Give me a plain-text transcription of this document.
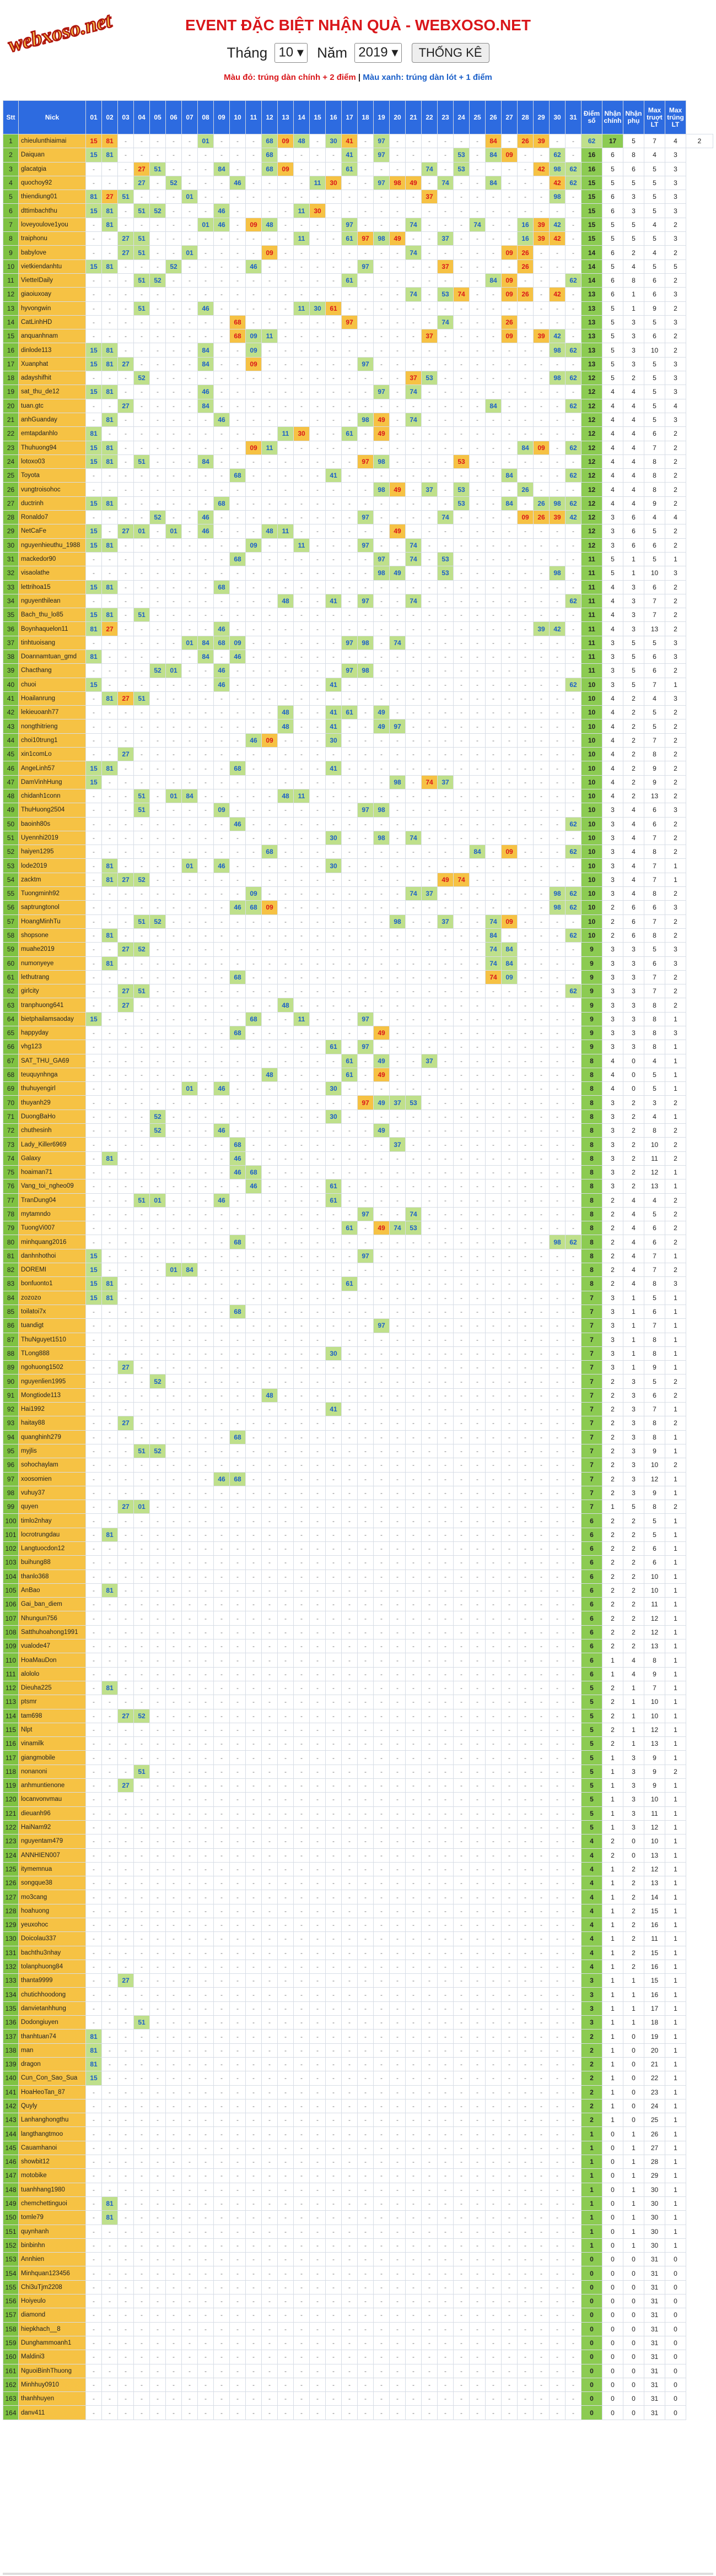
webxoso.net	EVENT ĐẶC BIỆT NHẬN QUÀ - WEBXOSO.NET
Tháng 10 ▾ Năm 2019 ▾ THỐNG KÊ
Màu đỏ: trúng dàn chính + 2 điểm | Màu xanh: trúng dàn lót + 1 điểm
Stt	Nick	01	02	03	04	05	06	07	08	09	10	11	12	13	14	15	16	17	18	19	20	21	22	23	24	25	26	27	28	29	30	31	Điểm số	Nhận chính	Nhận phụ	Max truợt LT	Max trúng LT	
1	chieulunthiaimai	15	81	-	-	-	-	-	01	-	-	-	68	09	48	-	30	41	-	97	-	-	-	-	-	-	84	-	26	39	-	-	62	17	5	7	4	2
2	Daiquan	15	81	-	-	-	-	-	-	-	-	-	68	-	-	-	-	41	-	97	-	-	-	-	53	-	84	09	-	-	62	-	16	6	8	4	3	
3	glacatgia	-	-	-	27	51	-	-	-	84	-	-	68	09	-	-	-	61	-	-	-	-	74	-	53	-	-	-	-	42	98	62	16	5	6	5	3	
4	quochoy92	-	-	-	27	-	52	-	-	-	46	-	-	-	-	11	30	-	-	97	98	49	-	74	-	-	84	-	-	-	42	62	15	5	5	5	3	
5	thiendiung01	81	27	51	-	-	-	01	-	-	-	-	-	-	-	-	-	-	-	-	-	-	37	-	-	-	-	-	-	-	98	-	15	6	3	5	3	
6	dttimbachthu	15	81	-	51	52	-	-	-	46	-	-	-	-	11	30	-	-	-	-	-	-	-	-	-	-	-	-	-	-	-	-	15	6	3	5	3	
7	loveyoulove1you	-	81	-	-	-	-	-	01	46	-	09	48	-	-	-	-	97	-	-	-	74	-	-	-	74	-	-	16	39	42	-	15	5	5	4	2	
8	traiphonu	-	-	27	51	-	-	-	-	-	-	-	-	-	11	-	-	61	97	98	49	-	-	37	-	-	-	-	16	39	42	-	15	5	5	5	3	
9	babylove	-	-	27	51	-	-	01	-	-	-	-	09	-	-	-	-	-	-	-	-	74	-	-	-	-	-	09	26	-	-	-	14	6	2	4	2	
10	vietkiendanhtu	15	81	-	-	-	52	-	-	-	-	46	-	-	-	-	-	-	97	-	-	-	-	37	-	-	-	-	26	-	-	-	14	5	4	5	5	
11	VietteIDaily	-	-	-	51	52	-	-	-	-	-	-	-	-	-	-	-	61	-	-	-	-	-	-	-	-	84	09	-	-	-	62	14	6	8	6	2	
12	giaoiuxoay	-	-	-	-	-	-	-	-	-	-	-	-	-	-	-	-	-	-	-	-	74	-	53	74	-	-	09	26	-	42	-	13	6	1	6	3	
13	hyvongwin	-	-	-	51	-	-	-	46	-	-	-	-	-	11	30	61	-	-	-	-	-	-	-	-	-	-	-	-	-	-	-	13	5	1	9	2	
14	CatLinhHD	-	-	-	-	-	-	-	-	-	68	-	-	-	-	-	-	97	-	-	-	-	-	74	-	-	-	26	-	-	-	-	13	5	3	5	3	
15	anquanhnam	-	-	-	-	-	-	-	-	-	68	09	11	-	-	-	-	-	-	-	-	-	37	-	-	-	-	09	-	39	42	-	13	5	3	6	2	
16	dinlode113	15	81	-	-	-	-	-	84	-	-	09	-	-	-	-	-	-	-	-	-	-	-	-	-	-	-	-	-	-	98	62	13	5	3	10	2	
17	Xuanphat	15	81	27	-	-	-	-	84	-	-	09	-	-	-	-	-	-	97	-	-	-	-	-	-	-	-	-	-	-	-	-	13	5	3	5	3	
18	adayshifhit	-	-	-	52	-	-	-	-	-	-	-	-	-	-	-	-	-	-	-	-	37	53	-	-	-	-	-	-	-	98	62	12	5	2	5	3	
19	sat_thu_de12	15	81	-	-	-	-	-	46	-	-	-	-	-	-	-	-	-	-	97	-	74	-	-	-	-	-	-	-	-	-	-	12	4	4	5	3	
20	tuan.gtc	-	-	27	-	-	-	-	84	-	-	-	-	-	-	-	-	-	-	-	-	-	-	-	-	-	84	-	-	-	-	62	12	4	4	5	4	
21	anhGuanday	-	81	-	-	-	-	-	-	46	-	-	-	-	-	-	-	-	98	49	-	74	-	-	-	-	-	-	-	-	-	-	12	4	4	5	3	
22	emtapdanhlo	81	-	-	-	-	-	-	-	-	-	-	-	11	30	-	-	61	-	49	-	-	-	-	-	-	-	-	-	-	-	-	12	4	4	6	2	
23	Thuhuong94	15	81	-	-	-	-	-	-	-	-	09	11	-	-	-	-	-	-	-	-	-	-	-	-	-	-	-	84	09	-	62	12	4	4	7	2	
24	lotoxo03	15	81	-	51	-	-	-	84	-	-	-	-	-	-	-	-	-	97	98	-	-	-	-	53	-	-	-	-	-	-	-	12	4	4	8	2	
25	Toyota	-	-	-	-	-	-	-	-	-	68	-	-	-	-	-	41	-	-	-	-	-	-	-	-	-	-	84	-	-	-	62	12	4	4	8	2	
26	vungtroisohoc	-	-	-	-	-	-	-	-	-	-	-	-	-	-	-	-	-	-	98	49	-	37	-	53	-	-	-	26	-	-	-	12	4	4	8	2	
27	ductrinh	15	81	-	-	-	-	-	-	68	-	-	-	-	-	-	-	-	-	-	-	-	-	-	53	-	-	84	-	26	98	62	12	4	4	9	2	
28	Ronaldo7	-	-	-	-	52	-	-	46	-	-	-	-	-	-	-	-	-	97	-	-	-	-	74	-	-	-	-	09	26	39	42	12	3	6	4	4	
29	NetCaFe	15	-	27	01	-	01	-	46	-	-	-	48	11	-	-	-	-	-	-	49	-	-	-	-	-	-	-	-	-	-	-	12	3	6	5	2	
30	nguyenhieuthu_1988	15	81	-	-	-	-	-	-	-	-	09	-	-	11	-	-	-	97	-	-	74	-	-	-	-	-	-	-	-	-	-	12	3	6	6	2	
31	mackedor90	-	-	-	-	-	-	-	-	-	68	-	-	-	-	-	-	-	-	97	-	74	-	53	-	-	-	-	-	-	-	-	11	5	1	5	1	
32	visaolathe	-	-	-	-	-	-	-	-	-	-	-	-	-	-	-	-	-	-	98	49	-	-	53	-	-	-	-	-	-	98	-	11	5	1	10	3	
33	lettrihoa15	15	81	-	-	-	-	-	-	68	-	-	-	-	-	-	-	-	-	-	-	-	-	-	-	-	-	-	-	-	-	-	11	4	3	6	2	
34	nguyenthilean	-	-	-	-	-	-	-	-	-	-	-	-	48	-	-	41	-	97	-	-	74	-	-	-	-	-	-	-	-	-	62	11	4	3	7	2	
35	Bach_thu_lo85	15	81	-	51	-	-	-	-	-	-	-	-	-	-	-	-	-	-	-	-	-	-	-	-	-	-	-	-	-	-	-	11	4	3	7	2	
36	Boynhaquelon11	81	27	-	-	-	-	-	-	46	-	-	-	-	-	-	-	-	-	-	-	-	-	-	-	-	-	-	-	39	42	-	11	4	3	13	2	
37	tinhtuoisang	-	-	-	-	-	-	01	84	68	09	-	-	-	-	-	-	97	98	-	74	-	-	-	-	-	-	-	-	-	-	-	11	3	5	5	3	
38	Doannamtuan_gmd	81	-	-	-	-	-	-	84	-	46	-	-	-	-	-	-	-	-	-	-	-	-	-	-	-	-	-	-	-	-	-	11	3	5	6	3	
39	Chacthang	-	-	-	-	52	01	-	-	46	-	-	-	-	-	-	-	97	98	-	-	-	-	-	-	-	-	-	-	-	-	-	11	3	5	6	2	
40	chuoi	15	-	-	-	-	-	-	-	46	-	-	-	-	-	-	41	-	-	-	-	-	-	-	-	-	-	-	-	-	-	62	10	3	5	7	1	
41	Hoailanrung	-	81	27	51	-	-	-	-	-	-	-	-	-	-	-	-	-	-	-	-	-	-	-	-	-	-	-	-	-	-	-	10	4	2	4	3	
42	lekieuoanh77	-	-	-	-	-	-	-	-	-	-	-	-	48	-	-	41	61	-	49	-	-	-	-	-	-	-	-	-	-	-	-	10	4	2	5	2	
43	nongthitrieng	-	-	-	-	-	-	-	-	-	-	-	-	48	-	-	41	-	-	49	97	-	-	-	-	-	-	-	-	-	-	-	10	4	2	5	2	
44	choi10trung1	-	-	-	-	-	-	-	-	-	-	46	09	-	-	-	30	-	-	-	-	-	-	-	-	-	-	-	-	-	-	-	10	4	2	7	2	
45	xin1comLo	-	-	27	-	-	-	-	-	-	-	-	-	-	-	-	-	-	-	-	-	-	-	-	-	-	-	-	-	-	-	-	10	4	2	8	2	
46	AngeLinh57	15	81	-	-	-	-	-	-	-	68	-	-	-	-	-	41	-	-	-	-	-	-	-	-	-	-	-	-	-	-	-	10	4	2	9	2	
47	DamVinhHung	15	-	-	-	-	-	-	-	-	-	-	-	-	-	-	-	-	-	-	98	-	74	37	-	-	-	-	-	-	-	-	10	4	2	9	2	
48	chidanh1conn	-	-	-	51	-	01	84	-	-	-	-	-	48	11	-	-	-	-	-	-	-	-	-	-	-	-	-	-	-	-	-	10	4	2	13	2	
49	ThuHuong2504	-	-	-	51	-	-	-	-	09	-	-	-	-	-	-	-	-	97	98	-	-	-	-	-	-	-	-	-	-	-	-	10	3	4	6	3	
50	baoinh80s	-	-	-	-	-	-	-	-	-	46	-	-	-	-	-	-	-	-	-	-	-	-	-	-	-	-	-	-	-	-	62	10	3	4	6	2	
51	Uyennhi2019	-	-	-	-	-	-	-	-	-	-	-	-	-	-	-	30	-	-	98	-	74	-	-	-	-	-	-	-	-	-	-	10	3	4	7	2	
52	haiyen1295	-	-	-	-	-	-	-	-	-	-	-	68	-	-	-	-	-	-	-	-	-	-	-	-	84	-	09	-	-	-	62	10	3	4	8	2	
53	lode2019	-	81	-	-	-	-	01	-	46	-	-	-	-	-	-	30	-	-	-	-	-	-	-	-	-	-	-	-	-	-	-	10	3	4	7	1	
54	zacktm	-	81	27	52	-	-	-	-	-	-	-	-	-	-	-	-	-	-	-	-	-	-	49	74	-	-	-	-	-	-	-	10	3	4	7	1	
55	Tuongminh92	-	-	-	-	-	-	-	-	-	-	09	-	-	-	-	-	-	-	-	-	74	37	-	-	-	-	-	-	-	98	62	10	3	4	8	2	
56	saptrungtonol	-	-	-	-	-	-	-	-	-	46	68	09	-	-	-	-	-	-	-	-	-	-	-	-	-	-	-	-	-	98	62	10	2	6	6	3	
57	HoangMinhTu	-	-	-	51	52	-	-	-	-	-	-	-	-	-	-	-	-	-	-	98	-	-	37	-	-	74	09	-	-	-	-	10	2	6	7	2	
58	shopsone	-	81	-	-	-	-	-	-	-	-	-	-	-	-	-	-	-	-	-	-	-	-	-	-	-	84	-	-	-	-	62	10	2	6	8	2	
59	muahe2019	-	-	27	52	-	-	-	-	-	-	-	-	-	-	-	-	-	-	-	-	-	-	-	-	-	74	84	-	-	-	-	9	3	3	5	3	
60	numonyeye	-	81	-	-	-	-	-	-	-	-	-	-	-	-	-	-	-	-	-	-	-	-	-	-	-	74	84	-	-	-	-	9	3	3	6	3	
61	lethutrang	-	-	-	-	-	-	-	-	-	68	-	-	-	-	-	-	-	-	-	-	-	-	-	-	-	74	09	-	-	-	-	9	3	3	7	2	
62	girlcity	-	-	27	51	-	-	-	-	-	-	-	-	-	-	-	-	-	-	-	-	-	-	-	-	-	-	-	-	-	-	62	9	3	3	7	2	
63	tranphuong641	-	-	27	-	-	-	-	-	-	-	-	-	48	-	-	-	-	-	-	-	-	-	-	-	-	-	-	-	-	-	-	9	3	3	8	2	
64	bietphailamsaoday	15	-	-	-	-	-	-	-	-	-	68	-	-	11	-	-	-	97	-	-	-	-	-	-	-	-	-	-	-	-	-	9	3	3	8	1	
65	happyday	-	-	-	-	-	-	-	-	-	68	-	-	-	-	-	-	-	-	49	-	-	-	-	-	-	-	-	-	-	-	-	9	3	3	8	3	
66	vhg123	-	-	-	-	-	-	-	-	-	-	-	-	-	-	-	61	-	97	-	-	-	-	-	-	-	-	-	-	-	-	-	9	3	3	8	1	
67	SAT_THU_GA69	-	-	-	-	-	-	-	-	-	-	-	-	-	-	-	-	61	-	49	-	-	37	-	-	-	-	-	-	-	-	-	8	4	0	4	1	
68	teuquynhnga	-	-	-	-	-	-	-	-	-	-	-	48	-	-	-	-	61	-	49	-	-	-	-	-	-	-	-	-	-	-	-	8	4	0	5	1	
69	thuhuyengirl	-	-	-	-	-	-	01	-	46	-	-	-	-	-	-	30	-	-	-	-	-	-	-	-	-	-	-	-	-	-	-	8	4	0	5	1	
70	thuyanh29	-	-	-	-	-	-	-	-	-	-	-	-	-	-	-	-	-	97	49	37	53	-	-	-	-	-	-	-	-	-	-	8	3	2	3	2	
71	DuongBaHo	-	-	-	-	52	-	-	-	-	-	-	-	-	-	-	30	-	-	-	-	-	-	-	-	-	-	-	-	-	-	-	8	3	2	4	1	
72	chuthesinh	-	-	-	-	52	-	-	-	46	-	-	-	-	-	-	-	-	-	49	-	-	-	-	-	-	-	-	-	-	-	-	8	3	2	8	2	
73	Lady_Killer6969	-	-	-	-	-	-	-	-	-	68	-	-	-	-	-	-	-	-	-	37	-	-	-	-	-	-	-	-	-	-	-	8	3	2	10	2	
74	Galaxy	-	81	-	-	-	-	-	-	-	46	-	-	-	-	-	-	-	-	-	-	-	-	-	-	-	-	-	-	-	-	-	8	3	2	11	2	
75	hoaiman71	-	-	-	-	-	-	-	-	-	46	68	-	-	-	-	-	-	-	-	-	-	-	-	-	-	-	-	-	-	-	-	8	3	2	12	1	
76	Vang_toi_ngheo09	-	-	-	-	-	-	-	-	-	-	46	-	-	-	-	61	-	-	-	-	-	-	-	-	-	-	-	-	-	-	-	8	3	2	13	1	
77	TranDung04	-	-	-	51	01	-	-	-	46	-	-	-	-	-	-	61	-	-	-	-	-	-	-	-	-	-	-	-	-	-	-	8	2	4	4	2	
78	mytamndo	-	-	-	-	-	-	-	-	-	-	-	-	-	-	-	-	-	97	-	-	74	-	-	-	-	-	-	-	-	-	-	8	2	4	5	2	
79	TuongVi007	-	-	-	-	-	-	-	-	-	-	-	-	-	-	-	-	61	-	49	74	53	-	-	-	-	-	-	-	-	-	-	8	2	4	6	2	
80	minhquang2016	-	-	-	-	-	-	-	-	-	68	-	-	-	-	-	-	-	-	-	-	-	-	-	-	-	-	-	-	-	98	62	8	2	4	6	2	
81	danhnhothoi	15	-	-	-	-	-	-	-	-	-	-	-	-	-	-	-	-	97	-	-	-	-	-	-	-	-	-	-	-	-	-	8	2	4	7	1	
82	DOREMI	15	-	-	-	-	01	84	-	-	-	-	-	-	-	-	-	-	-	-	-	-	-	-	-	-	-	-	-	-	-	-	8	2	4	7	2	
83	bonfuonto1	15	81	-	-	-	-	-	-	-	-	-	-	-	-	-	-	61	-	-	-	-	-	-	-	-	-	-	-	-	-	-	8	2	4	8	3	
84	zozozo	15	81	-	-	-	-	-	-	-	-	-	-	-	-	-	-	-	-	-	-	-	-	-	-	-	-	-	-	-	-	-	7	3	1	5	1	
85	toilatoi7x	-	-	-	-	-	-	-	-	-	68	-	-	-	-	-	-	-	-	-	-	-	-	-	-	-	-	-	-	-	-	-	7	3	1	6	1	
86	tuandigt	-	-	-	-	-	-	-	-	-	-	-	-	-	-	-	-	-	-	97	-	-	-	-	-	-	-	-	-	-	-	-	7	3	1	7	1	
87	ThuNguyet1510	-	-	-	-	-	-	-	-	-	-	-	-	-	-	-	-	-	-	-	-	-	-	-	-	-	-	-	-	-	-	-	7	3	1	8	1	
88	TLong888	-	-	-	-	-	-	-	-	-	-	-	-	-	-	-	30	-	-	-	-	-	-	-	-	-	-	-	-	-	-	-	7	3	1	8	1	
89	ngohuong1502	-	-	27	-	-	-	-	-	-	-	-	-	-	-	-	-	-	-	-	-	-	-	-	-	-	-	-	-	-	-	-	7	3	1	9	1	
90	nguyenlien1995	-	-	-	-	52	-	-	-	-	-	-	-	-	-	-	-	-	-	-	-	-	-	-	-	-	-	-	-	-	-	-	7	2	3	5	2	
91	Mongtiode113	-	-	-	-	-	-	-	-	-	-	-	48	-	-	-	-	-	-	-	-	-	-	-	-	-	-	-	-	-	-	-	7	2	3	6	2	
92	Hai1992	-	-	-	-	-	-	-	-	-	-	-	-	-	-	-	41	-	-	-	-	-	-	-	-	-	-	-	-	-	-	-	7	2	3	7	1	
93	haitay88	-	-	27	-	-	-	-	-	-	-	-	-	-	-	-	-	-	-	-	-	-	-	-	-	-	-	-	-	-	-	-	7	2	3	8	2	
94	quanghinh279	-	-	-	-	-	-	-	-	-	68	-	-	-	-	-	-	-	-	-	-	-	-	-	-	-	-	-	-	-	-	-	7	2	3	8	1	
95	myjlis	-	-	-	51	52	-	-	-	-	-	-	-	-	-	-	-	-	-	-	-	-	-	-	-	-	-	-	-	-	-	-	7	2	3	9	1	
96	sohochaylam	-	-	-	-	-	-	-	-	-	-	-	-	-	-	-	-	-	-	-	-	-	-	-	-	-	-	-	-	-	-	-	7	2	3	10	2	
97	xoosomien	-	-	-	-	-	-	-	-	46	68	-	-	-	-	-	-	-	-	-	-	-	-	-	-	-	-	-	-	-	-	-	7	2	3	12	1	
98	vuhuy37	-	-	-	-	-	-	-	-	-	-	-	-	-	-	-	-	-	-	-	-	-	-	-	-	-	-	-	-	-	-	-	7	2	3	9	1	
99	quyen	-	-	27	01	-	-	-	-	-	-	-	-	-	-	-	-	-	-	-	-	-	-	-	-	-	-	-	-	-	-	-	7	1	5	8	2	
100	timlo2nhay	-	-	-	-	-	-	-	-	-	-	-	-	-	-	-	-	-	-	-	-	-	-	-	-	-	-	-	-	-	-	-	6	2	2	5	1	
101	locrotrungdau	-	81	-	-	-	-	-	-	-	-	-	-	-	-	-	-	-	-	-	-	-	-	-	-	-	-	-	-	-	-	-	6	2	2	5	1	
102	Langtuocdon12	-	-	-	-	-	-	-	-	-	-	-	-	-	-	-	-	-	-	-	-	-	-	-	-	-	-	-	-	-	-	-	6	2	2	6	1	
103	buihung88	-	-	-	-	-	-	-	-	-	-	-	-	-	-	-	-	-	-	-	-	-	-	-	-	-	-	-	-	-	-	-	6	2	2	6	1	
104	thanlo368	-	-	-	-	-	-	-	-	-	-	-	-	-	-	-	-	-	-	-	-	-	-	-	-	-	-	-	-	-	-	-	6	2	2	10	1	
105	AnBao	-	81	-	-	-	-	-	-	-	-	-	-	-	-	-	-	-	-	-	-	-	-	-	-	-	-	-	-	-	-	-	6	2	2	10	1	
106	Gai_ban_diem	-	-	-	-	-	-	-	-	-	-	-	-	-	-	-	-	-	-	-	-	-	-	-	-	-	-	-	-	-	-	-	6	2	2	11	1	
107	Nhungun756	-	-	-	-	-	-	-	-	-	-	-	-	-	-	-	-	-	-	-	-	-	-	-	-	-	-	-	-	-	-	-	6	2	2	12	1	
108	Satthuhoahong1991	-	-	-	-	-	-	-	-	-	-	-	-	-	-	-	-	-	-	-	-	-	-	-	-	-	-	-	-	-	-	-	6	2	2	12	1	
109	vualode47	-	-	-	-	-	-	-	-	-	-	-	-	-	-	-	-	-	-	-	-	-	-	-	-	-	-	-	-	-	-	-	6	2	2	13	1	
110	HoaMauDon	-	-	-	-	-	-	-	-	-	-	-	-	-	-	-	-	-	-	-	-	-	-	-	-	-	-	-	-	-	-	-	6	1	4	8	1	
111	alololo	-	-	-	-	-	-	-	-	-	-	-	-	-	-	-	-	-	-	-	-	-	-	-	-	-	-	-	-	-	-	-	6	1	4	9	1	
112	Dieuha225	-	81	-	-	-	-	-	-	-	-	-	-	-	-	-	-	-	-	-	-	-	-	-	-	-	-	-	-	-	-	-	5	2	1	7	1	
113	ptsmr	-	-	-	-	-	-	-	-	-	-	-	-	-	-	-	-	-	-	-	-	-	-	-	-	-	-	-	-	-	-	-	5	2	1	10	1	
114	tam698	-	-	27	52	-	-	-	-	-	-	-	-	-	-	-	-	-	-	-	-	-	-	-	-	-	-	-	-	-	-	-	5	2	1	10	1	
115	Nlpt	-	-	-	-	-	-	-	-	-	-	-	-	-	-	-	-	-	-	-	-	-	-	-	-	-	-	-	-	-	-	-	5	2	1	12	1	
116	vinamilk	-	-	-	-	-	-	-	-	-	-	-	-	-	-	-	-	-	-	-	-	-	-	-	-	-	-	-	-	-	-	-	5	2	1	13	1	
117	giangmobile	-	-	-	-	-	-	-	-	-	-	-	-	-	-	-	-	-	-	-	-	-	-	-	-	-	-	-	-	-	-	-	5	1	3	9	1	
118	nonanoni	-	-	-	51	-	-	-	-	-	-	-	-	-	-	-	-	-	-	-	-	-	-	-	-	-	-	-	-	-	-	-	5	1	3	9	2	
119	anhmuntienone	-	-	27	-	-	-	-	-	-	-	-	-	-	-	-	-	-	-	-	-	-	-	-	-	-	-	-	-	-	-	-	5	1	3	9	1	
120	locanvonvmau	-	-	-	-	-	-	-	-	-	-	-	-	-	-	-	-	-	-	-	-	-	-	-	-	-	-	-	-	-	-	-	5	1	3	10	1	
121	dieuanh96	-	-	-	-	-	-	-	-	-	-	-	-	-	-	-	-	-	-	-	-	-	-	-	-	-	-	-	-	-	-	-	5	1	3	11	1	
122	HaiNam92	-	-	-	-	-	-	-	-	-	-	-	-	-	-	-	-	-	-	-	-	-	-	-	-	-	-	-	-	-	-	-	5	1	3	12	1	
123	nguyentam479	-	-	-	-	-	-	-	-	-	-	-	-	-	-	-	-	-	-	-	-	-	-	-	-	-	-	-	-	-	-	-	4	2	0	10	1	
124	ANNHIEN007	-	-	-	-	-	-	-	-	-	-	-	-	-	-	-	-	-	-	-	-	-	-	-	-	-	-	-	-	-	-	-	4	2	0	13	1	
125	itymemnua	-	-	-	-	-	-	-	-	-	-	-	-	-	-	-	-	-	-	-	-	-	-	-	-	-	-	-	-	-	-	-	4	1	2	12	1	
126	songque38	-	-	-	-	-	-	-	-	-	-	-	-	-	-	-	-	-	-	-	-	-	-	-	-	-	-	-	-	-	-	-	4	1	2	13	1	
127	mo3cang	-	-	-	-	-	-	-	-	-	-	-	-	-	-	-	-	-	-	-	-	-	-	-	-	-	-	-	-	-	-	-	4	1	2	14	1	
128	hoahuong	-	-	-	-	-	-	-	-	-	-	-	-	-	-	-	-	-	-	-	-	-	-	-	-	-	-	-	-	-	-	-	4	1	2	15	1	
129	yeuxohoc	-	-	-	-	-	-	-	-	-	-	-	-	-	-	-	-	-	-	-	-	-	-	-	-	-	-	-	-	-	-	-	4	1	2	16	1	
130	Doicolau337	-	-	-	-	-	-	-	-	-	-	-	-	-	-	-	-	-	-	-	-	-	-	-	-	-	-	-	-	-	-	-	4	1	2	11	1	
131	bachthu3nhay	-	-	-	-	-	-	-	-	-	-	-	-	-	-	-	-	-	-	-	-	-	-	-	-	-	-	-	-	-	-	-	4	1	2	15	1	
132	tolanphuong84	-	-	-	-	-	-	-	-	-	-	-	-	-	-	-	-	-	-	-	-	-	-	-	-	-	-	-	-	-	-	-	4	1	2	16	1	
133	thanta9999	-	-	27	-	-	-	-	-	-	-	-	-	-	-	-	-	-	-	-	-	-	-	-	-	-	-	-	-	-	-	-	3	1	1	15	1	
134	chutichhoodong	-	-	-	-	-	-	-	-	-	-	-	-	-	-	-	-	-	-	-	-	-	-	-	-	-	-	-	-	-	-	-	3	1	1	16	1	
135	danvietanhhung	-	-	-	-	-	-	-	-	-	-	-	-	-	-	-	-	-	-	-	-	-	-	-	-	-	-	-	-	-	-	-	3	1	1	17	1	
136	Dodongiuyen	-	-	-	51	-	-	-	-	-	-	-	-	-	-	-	-	-	-	-	-	-	-	-	-	-	-	-	-	-	-	-	3	1	1	18	1	
137	thanhtuan74	81	-	-	-	-	-	-	-	-	-	-	-	-	-	-	-	-	-	-	-	-	-	-	-	-	-	-	-	-	-	-	2	1	0	19	1	
138	man	81	-	-	-	-	-	-	-	-	-	-	-	-	-	-	-	-	-	-	-	-	-	-	-	-	-	-	-	-	-	-	2	1	0	20	1	
139	dragon	81	-	-	-	-	-	-	-	-	-	-	-	-	-	-	-	-	-	-	-	-	-	-	-	-	-	-	-	-	-	-	2	1	0	21	1	
140	Cun_Con_Sao_Sua	15	-	-	-	-	-	-	-	-	-	-	-	-	-	-	-	-	-	-	-	-	-	-	-	-	-	-	-	-	-	-	2	1	0	22	1	
141	HoaHeoTan_87	-	-	-	-	-	-	-	-	-	-	-	-	-	-	-	-	-	-	-	-	-	-	-	-	-	-	-	-	-	-	-	2	1	0	23	1	
142	Quyly	-	-	-	-	-	-	-	-	-	-	-	-	-	-	-	-	-	-	-	-	-	-	-	-	-	-	-	-	-	-	-	2	1	0	24	1	
143	Lanhanghongthu	-	-	-	-	-	-	-	-	-	-	-	-	-	-	-	-	-	-	-	-	-	-	-	-	-	-	-	-	-	-	-	2	1	0	25	1	
144	langthangtmoo	-	-	-	-	-	-	-	-	-	-	-	-	-	-	-	-	-	-	-	-	-	-	-	-	-	-	-	-	-	-	-	1	0	1	26	1	
145	Cauamhanoi	-	-	-	-	-	-	-	-	-	-	-	-	-	-	-	-	-	-	-	-	-	-	-	-	-	-	-	-	-	-	-	1	0	1	27	1	
146	showbit12	-	-	-	-	-	-	-	-	-	-	-	-	-	-	-	-	-	-	-	-	-	-	-	-	-	-	-	-	-	-	-	1	0	1	28	1	
147	motobike	-	-	-	-	-	-	-	-	-	-	-	-	-	-	-	-	-	-	-	-	-	-	-	-	-	-	-	-	-	-	-	1	0	1	29	1	
148	tuanhhang1980	-	-	-	-	-	-	-	-	-	-	-	-	-	-	-	-	-	-	-	-	-	-	-	-	-	-	-	-	-	-	-	1	0	1	30	1	
149	chemchettinguoi	-	81	-	-	-	-	-	-	-	-	-	-	-	-	-	-	-	-	-	-	-	-	-	-	-	-	-	-	-	-	-	1	0	1	30	1	
150	tomle79	-	81	-	-	-	-	-	-	-	-	-	-	-	-	-	-	-	-	-	-	-	-	-	-	-	-	-	-	-	-	-	1	0	1	30	1	
151	quynhanh	-	-	-	-	-	-	-	-	-	-	-	-	-	-	-	-	-	-	-	-	-	-	-	-	-	-	-	-	-	-	-	1	0	1	30	1	
152	binbinhn	-	-	-	-	-	-	-	-	-	-	-	-	-	-	-	-	-	-	-	-	-	-	-	-	-	-	-	-	-	-	-	1	0	1	30	1	
153	Annhien	-	-	-	-	-	-	-	-	-	-	-	-	-	-	-	-	-	-	-	-	-	-	-	-	-	-	-	-	-	-	-	0	0	0	31	0	
154	Minhquan123456	-	-	-	-	-	-	-	-	-	-	-	-	-	-	-	-	-	-	-	-	-	-	-	-	-	-	-	-	-	-	-	0	0	0	31	0	
155	Chi3uTjm2208	-	-	-	-	-	-	-	-	-	-	-	-	-	-	-	-	-	-	-	-	-	-	-	-	-	-	-	-	-	-	-	0	0	0	31	0	
156	Hoiyeulo	-	-	-	-	-	-	-	-	-	-	-	-	-	-	-	-	-	-	-	-	-	-	-	-	-	-	-	-	-	-	-	0	0	0	31	0	
157	diamond	-	-	-	-	-	-	-	-	-	-	-	-	-	-	-	-	-	-	-	-	-	-	-	-	-	-	-	-	-	-	-	0	0	0	31	0	
158	hiepkhach__8	-	-	-	-	-	-	-	-	-	-	-	-	-	-	-	-	-	-	-	-	-	-	-	-	-	-	-	-	-	-	-	0	0	0	31	0	
159	Dunghammoanh1	-	-	-	-	-	-	-	-	-	-	-	-	-	-	-	-	-	-	-	-	-	-	-	-	-	-	-	-	-	-	-	0	0	0	31	0	
160	Maldini3	-	-	-	-	-	-	-	-	-	-	-	-	-	-	-	-	-	-	-	-	-	-	-	-	-	-	-	-	-	-	-	0	0	0	31	0	
161	NguoiBinhThuong	-	-	-	-	-	-	-	-	-	-	-	-	-	-	-	-	-	-	-	-	-	-	-	-	-	-	-	-	-	-	-	0	0	0	31	0	
162	Minhhuy0910	-	-	-	-	-	-	-	-	-	-	-	-	-	-	-	-	-	-	-	-	-	-	-	-	-	-	-	-	-	-	-	0	0	0	31	0	
163	thanhhuyen	-	-	-	-	-	-	-	-	-	-	-	-	-	-	-	-	-	-	-	-	-	-	-	-	-	-	-	-	-	-	-	0	0	0	31	0	
164	danv411	-	-	-	-	-	-	-	-	-	-	-	-	-	-	-	-	-	-	-	-	-	-	-	-	-	-	-	-	-	-	-	0	0	0	31	0	
